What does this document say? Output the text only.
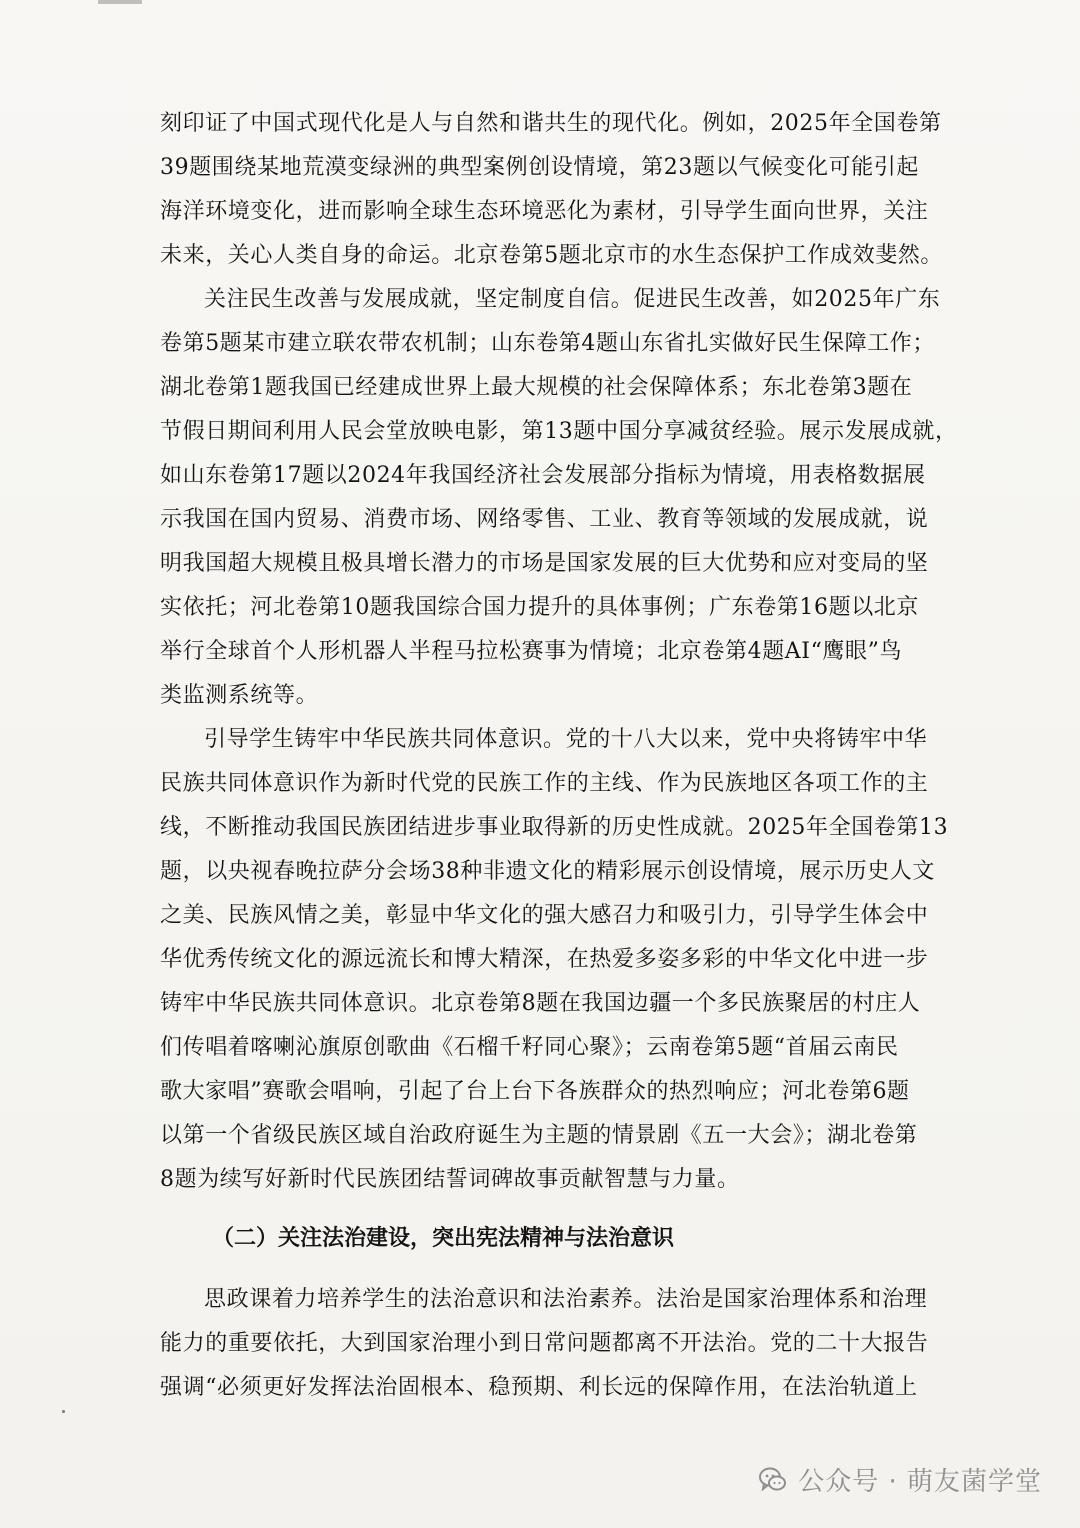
刻印证了中国式现代化是人与自然和谐共生的现代化。例如，2025年全国卷第
39题围绕某地荒漠变绿洲的典型案例创设情境，第23题以气候变化可能引起
海洋环境变化，进而影响全球生态环境恶化为素材，引导学生面向世界，关注
未来，关心人类自身的命运。北京卷第5题北京市的水生态保护工作成效斐然。
关注民生改善与发展成就，坚定制度自信。促进民生改善，如2025年广东
卷第5题某市建立联农带农机制；山东卷第4题山东省扎实做好民生保障工作；
湖北卷第1题我国已经建成世界上最大规模的社会保障体系；东北卷第3题在
节假日期间利用人民会堂放映电影，第13题中国分享减贫经验。展示发展成就，
如山东卷第17题以2024年我国经济社会发展部分指标为情境，用表格数据展
示我国在国内贸易、消费市场、网络零售、工业、教育等领域的发展成就，说
明我国超大规模且极具增长潜力的市场是国家发展的巨大优势和应对变局的坚
实依托；河北卷第10题我国综合国力提升的具体事例；广东卷第16题以北京
举行全球首个人形机器人半程马拉松赛事为情境；北京卷第4题AI“鹰眼”鸟
类监测系统等。
引导学生铸牢中华民族共同体意识。党的十八大以来，党中央将铸牢中华
民族共同体意识作为新时代党的民族工作的主线、作为民族地区各项工作的主
线，不断推动我国民族团结进步事业取得新的历史性成就。2025年全国卷第13
题，以央视春晚拉萨分会场38种非遗文化的精彩展示创设情境，展示历史人文
之美、民族风情之美，彰显中华文化的强大感召力和吸引力，引导学生体会中
华优秀传统文化的源远流长和博大精深，在热爱多姿多彩的中华文化中进一步
铸牢中华民族共同体意识。北京卷第8题在我国边疆一个多民族聚居的村庄人
们传唱着喀喇沁旗原创歌曲《石榴千籽同心聚》；云南卷第5题“首届云南民
歌大家唱”赛歌会唱响，引起了台上台下各族群众的热烈响应；河北卷第6题
以第一个省级民族区域自治政府诞生为主题的情景剧《五一大会》；湖北卷第
8题为续写好新时代民族团结誓词碑故事贡献智慧与力量。
（二）关注法治建设，突出宪法精神与法治意识
思政课着力培养学生的法治意识和法治素养。法治是国家治理体系和治理
能力的重要依托，大到国家治理小到日常问题都离不开法治。党的二十大报告
强调“必须更好发挥法治固根本、稳预期、利长远的保障作用，在法治轨道上
公众号 · 萌友菌学堂
